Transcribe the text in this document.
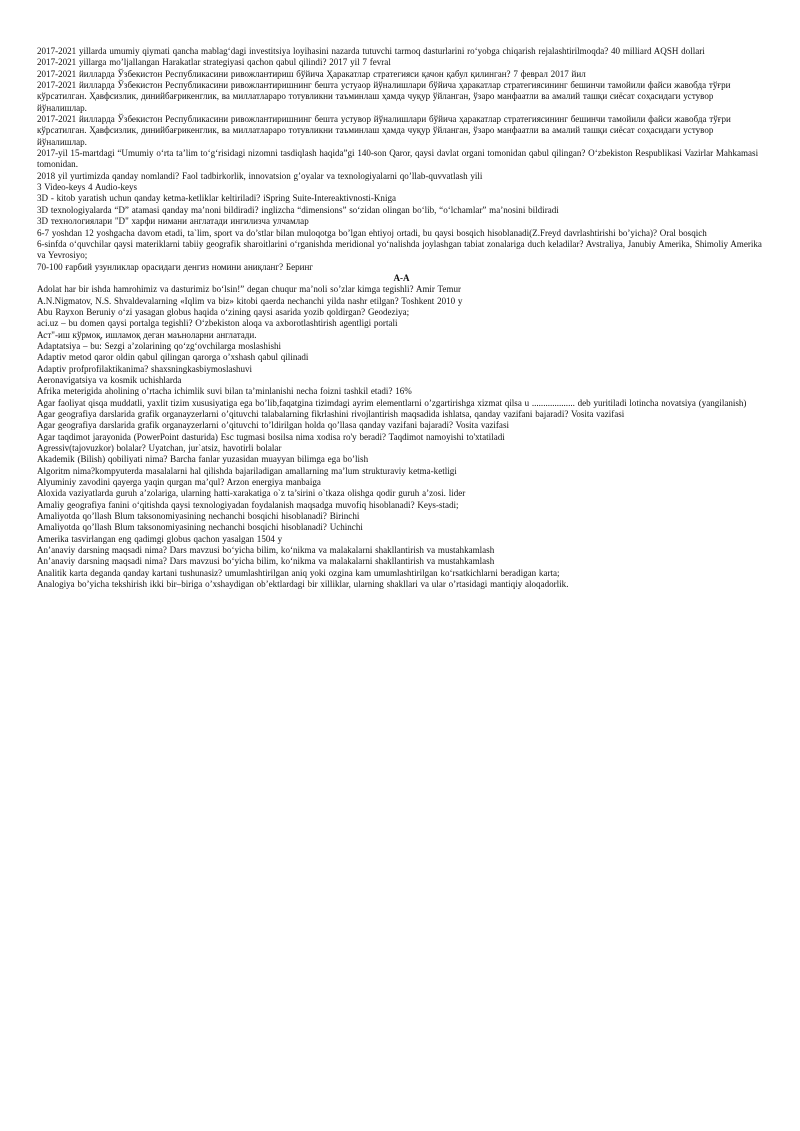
2017-2021 yillarda umumiy qiymati qancha mablag‘dagi investitsiya loyihasini nazarda tutuvchi tarmoq dasturlarini ro‘yobga chiqarish rejalashtirilmoqda? 40 milliard AQSH dollari

2017-2021 yillarga mo’ljallangan Harakatlar strategiyasi qachon qabul qilindi? 2017 yil 7 fevral

2017-2021 йилларда Ўзбекистон Республикасини ривожлантириш бўйича Ҳаракатлар стратегияси қачон қабул қилинган? 7 феврал 2017 йил

2017-2021 йилларда Ўзбекистон Республикасини ривожлантиришнинг бешта устуаор йўналишлари бўйича ҳаракатлар стратегиясининг бешинчи тамойили файси жавобда тўғри кўрсатилган. Ҳавфсизлик, динийбағрикенглик, ва миллатлараро тотувликни таъминлаш ҳамда чуқур ўйланган, ўзаро манфаатли ва амалий ташқи сиёсат соҳасидаги устувор йўналишлар.

2017-2021 йилларда Ўзбекистон Республикасини ривожлантиришнинг бешта устувор йўналишлари бўйича ҳаракатлар стратегиясининг бешинчи тамойили файси жавобда тўғри кўрсатилган. Ҳавфсизлик, динийбағрикенглик, ва миллатлараро тотувликни таъминлаш ҳамда чуқур ўйланган, ўзаро манфаатли ва амалий ташқи сиёсат соҳасидаги устувор йўналишлар.

2017-yil 15-martdagi “Umumiy o‘rta ta’lim to‘g‘risidagi nizomni tasdiqlash haqida”gi 140-son Qaror, qaysi davlat organi tomonidan qabul qilingan? O‘zbekiston Respublikasi Vazirlar Mahkamasi tomonidan.

2018 yil yurtimizda qanday nomlandi? Faol tadbirkorlik, innovatsion g’oyalar va texnologiyalarni qo’llab-quvvatlash yili

3 Video-keys 4 Audio-keys

3D - kitob yaratish uchun qanday ketma-ketliklar keltiriladi? iSpring Suite-Intereaktivnosti-Kniga

3D texnologiyalarda “D” atamasi qanday ma’noni bildiradi? inglizcha “dimensions” so‘zidan olingan bo‘lib, “o‘lchamlar” ma’nosini bildiradi

3D технологиялари "D" харфи нимани англатади ингилизча улчамлар

6-7 yoshdan 12 yoshgacha davom etadi, ta`lim, sport va do’stlar bilan muloqotga bo’lgan ehtiyoj ortadi, bu qaysi bosqich hisoblanadi(Z.Freyd davrlashtirishi bo’yicha)? Oral bosqich

6-sinfda o‘quvchilar qaysi materiklarni tabiiy geografik sharoitlarini o‘rganishda meridional yo‘nalishda joylashgan tabiat zonalariga duch keladilar? Avstraliya, Janubiy Amerika, Shimoliy Amerika va Yevrosiyo;

70-100 ғарбий узунликлар орасидаги денгиз номини аниқланг? Беринг

A-A

Adolat har bir ishda hamrohimiz va dasturimiz bo‘lsin!” degan chuqur ma’noli so’zlar kimga tegishli? Amir Temur

A.N.Nigmatov, N.S. Shvaldevalarning «Iqlim va biz» kitobi qaerda nechanchi yilda nashr etilgan? Toshkent 2010 y

Abu Rayxon Beruniy o‘zi yasagan globus haqida o‘zining qaysi asarida yozib qoldirgan? Geodeziya;

aci.uz – bu domen qaysi portalga tegishli? O‘zbekiston aloqa va axborotlashtirish agentligi portali

Аст"-иш кўрмоқ, ишламоқ деган маъноларни англатади.

Adaptatsiya – bu: Sezgi a’zolarining qo‘zg‘ovchilarga moslashishi

Adaptiv metod qaror oldin qabul qilingan qarorga o’xshash qabul qilinadi

Adaptiv profprofilaktikanima? shaxsningkasbiymoslashuvi

Aeronavigatsiya va kosmik uchishlarda

Afrika meterigida aholining o’rtacha ichimlik suvi bilan ta’minlanishi necha foizni tashkil etadi? 16%

Agar faoliyat qisqa muddatli, yaxlit tizim xususiyatiga ega bo’lib,faqatgina tizimdagi ayrim elementlarni o’zgartirishga xizmat qilsa u ................... deb yuritiladi lotincha novatsiya (yangilanish)

Agar geografiya darslarida grafik organayzerlarni o’qituvchi talabalarning fikrlashini rivojlantirish maqsadida ishlatsa, qanday vazifani bajaradi? Vosita vazifasi

Agar geografiya darslarida grafik organayzerlarni o’qituvchi to’ldirilgan holda qo’llasa qanday vazifani bajaradi? Vosita vazifasi

Agar taqdimot jarayonida (PowerPoint dasturida) Esc tugmasi bosilsa nima xodisa ro'y beradi? Taqdimot namoyishi to'xtatiladi

Agressiv(tajovuzkor) bolalar? Uyatchan, jur`atsiz, havotirli bolalar

Akademik (Bilish) qobiliyati nima? Barcha fanlar yuzasidan muayyan bilimga ega bo’lish

Algoritm nima?kompyuterda masalalarni hal qilishda bajariladigan amallarning ma’lum strukturaviy ketma-ketligi

Alyuminiy zavodini qayerga yaqin qurgan ma’qul? Arzon energiya manbaiga

Aloxida vaziyatlarda guruh a’zolariga, ularning hatti-xarakatiga o`z ta’sirini o`tkaza olishga qodir guruh a’zosi. lider

Amaliy geografiya fanini o‘qitishda qaysi texnologiyadan foydalanish maqsadga muvofiq hisoblanadi? Keys-stadi;

Amaliyotda qo’llash Blum taksonomiyasining nechanchi bosqichi hisoblanadi? Birinchi

Amaliyotda qo’llash Blum taksonomiyasining nechanchi bosqichi hisoblanadi? Uchinchi

Amerika tasvirlangan eng qadimgi globus qachon yasalgan 1504 y

An’anaviy darsning maqsadi nima? Dars mavzusi bo‘yicha bilim, ko‘nikma va malakalarni shakllantirish va mustahkamlash

An’anaviy darsning maqsadi nima? Dars mavzusi bo‘yicha bilim, ko‘nikma va malakalarni shakllantirish va mustahkamlash

Analitik karta deganda qanday kartani tushunasiz? umumlashtirilgan aniq yoki ozgina kam umumlashtirilgan ko‘rsatkichlarni beradigan karta;

Analogiya bo’yicha tekshirish ikki bir–biriga o’xshaydigan ob’ektlardagi bir xilliklar, ularning shakllari va ular o’rtasidagi mantiqiy aloqadorlik.
